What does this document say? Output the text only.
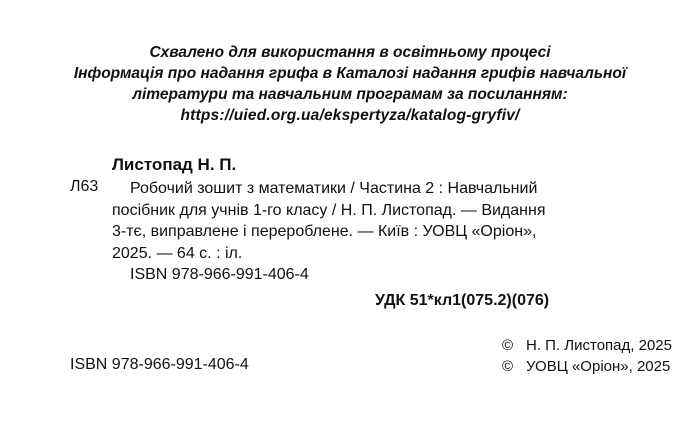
Схвалено для використання в освітньому процесі
Інформація про надання грифа в Каталозі надання грифів навчальної
літератури та навчальним програмам за посиланням:
https://uied.org.ua/ekspertyza/katalog-gryfiv/
Листопад Н. П.
Л63	Робочий зошит з математики / Частина 2 : Навчальний
посібник для учнів 1-го класу / Н. П. Листопад. — Видання
3-тє, виправлене і перероблене. — Київ : УОВЦ «Оріон»,
2025. — 64 с. : іл.
ISBN 978-966-991-406-4
УДК 51*кл1(075.2)(076)
ISBN 978-966-991-406-4
© Н. П. Листопад, 2025
© УОВЦ «Оріон», 2025
